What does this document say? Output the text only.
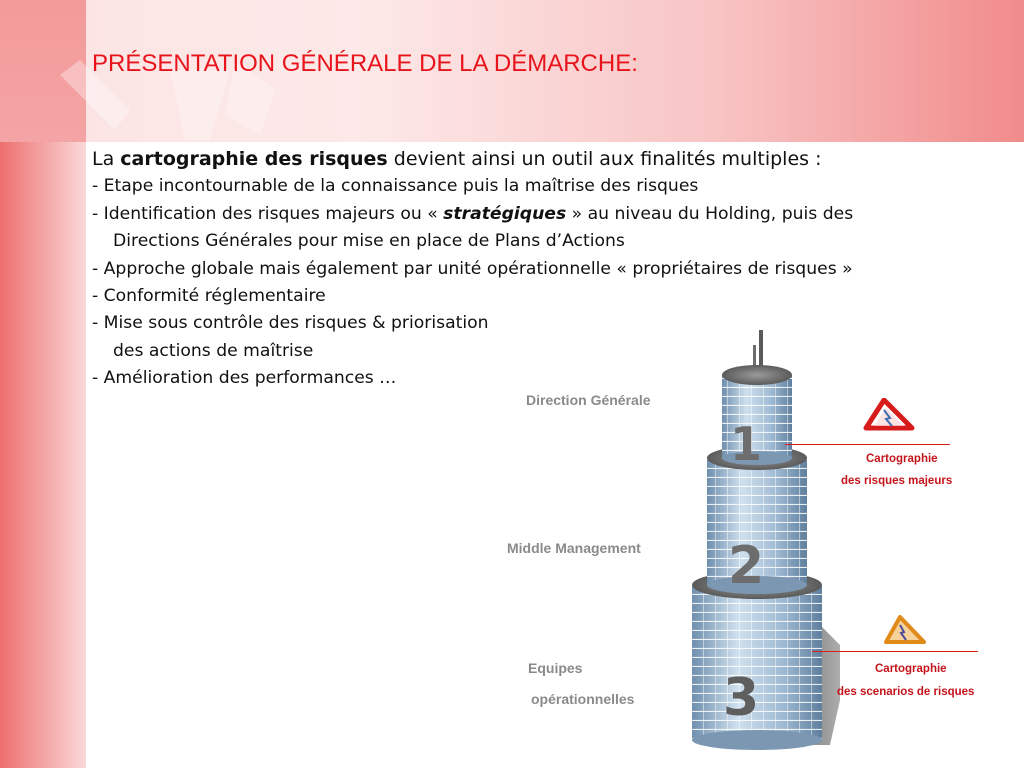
PRÉSENTATION GÉNÉRALE DE LA DÉMARCHE:
La cartographie des risques devient ainsi un outil aux finalités multiples :
- Etape incontournable de la connaissance puis la maîtrise des risques
- Identification des risques majeurs ou « stratégiques » au niveau du Holding, puis des
Directions Générales pour mise en place de Plans d’Actions
- Approche globale mais également par unité opérationnelle « propriétaires de risques »
- Conformité réglementaire
- Mise sous contrôle des risques & priorisation
des actions de maîtrise
- Amélioration des performances …
Direction Générale
Middle Management
Equipes
opérationnelles
1
2
3
Cartographie
des risques majeurs
Cartographie
des scenarios de risques
